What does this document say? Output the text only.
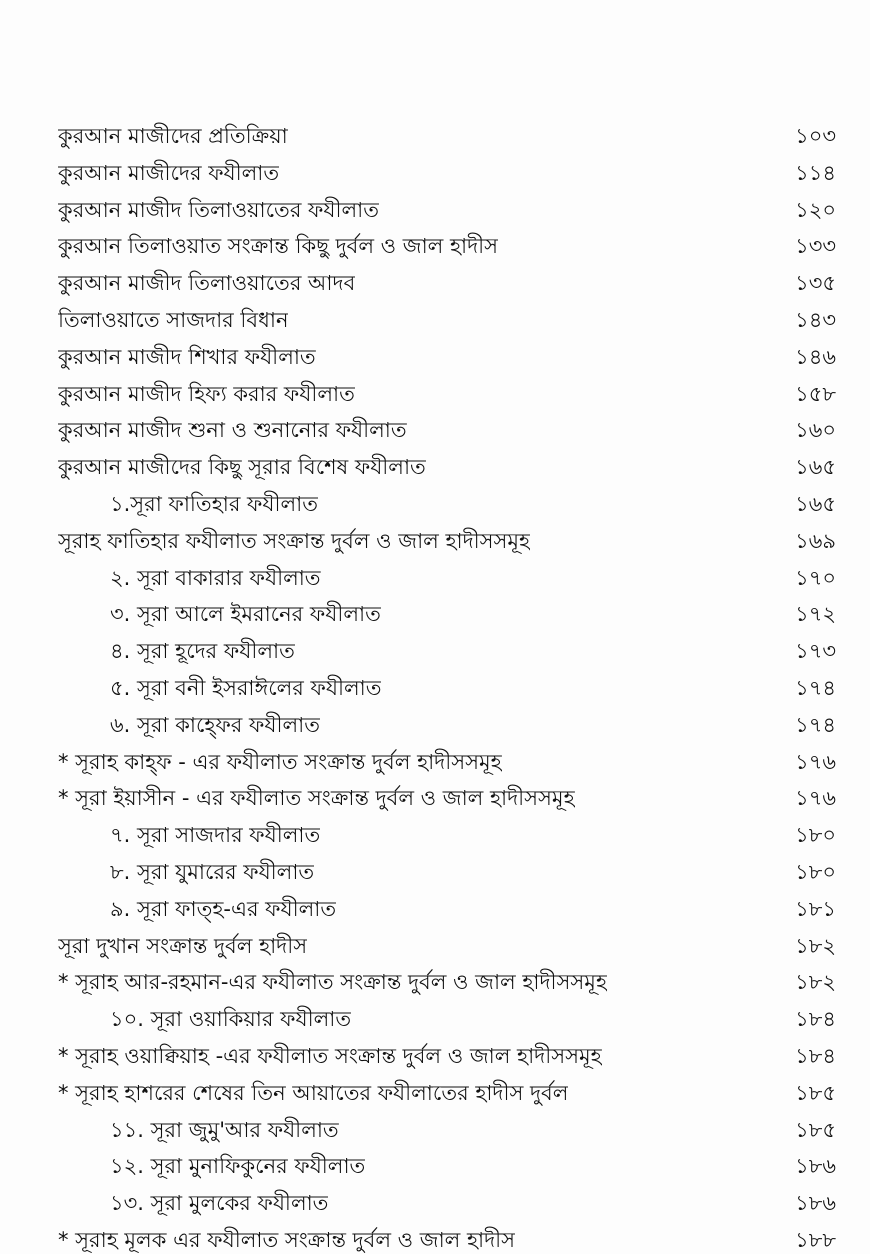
কুরআন মাজীদের প্রতিক্রিয়া	১০৩
কুরআন মাজীদের ফযীলাত	১১৪
কুরআন মাজীদ তিলাওয়াতের ফযীলাত	১২০
কুরআন তিলাওয়াত সংক্রান্ত কিছু দুর্বল ও জাল হাদীস	১৩৩
কুরআন মাজীদ তিলাওয়াতের আদব	১৩৫
তিলাওয়াতে সাজদার বিধান	১৪৩
কুরআন মাজীদ শিখার ফযীলাত	১৪৬
কুরআন মাজীদ হিফ্য করার ফযীলাত	১৫৮
কুরআন মাজীদ শুনা ও শুনানোর ফযীলাত	১৬০
কুরআন মাজীদের কিছু সূরার বিশেষ ফযীলাত	১৬৫
১.সূরা ফাতিহার ফযীলাত	১৬৫
সূরাহ ফাতিহার ফযীলাত সংক্রান্ত দুর্বল ও জাল হাদীসসমূহ	১৬৯
২. সূরা বাকারার ফযীলাত	১৭০
৩. সূরা আলে ইমরানের ফযীলাত	১৭২
৪. সূরা হূদের ফযীলাত	১৭৩
৫. সূরা বনী ইসরাঈলের ফযীলাত	১৭৪
৬. সূরা কাহ্ফের ফযীলাত	১৭৪
* সূরাহ কাহ্ফ - এর ফযীলাত সংক্রান্ত দুর্বল হাদীসসমূহ	১৭৬
* সূরা ইয়াসীন - এর ফযীলাত সংক্রান্ত দুর্বল ও জাল হাদীসসমূহ	১৭৬
৭. সূরা সাজদার ফযীলাত	১৮০
৮. সূরা যুমারের ফযীলাত	১৮০
৯. সূরা ফাত্হ-এর ফযীলাত	১৮১
সূরা দুখান সংক্রান্ত দুর্বল হাদীস	১৮২
* সূরাহ আর-রহমান-এর ফযীলাত সংক্রান্ত দুর্বল ও জাল হাদীসসমূহ	১৮২
১০. সূরা ওয়াকিয়ার ফযীলাত	১৮৪
* সূরাহ ওয়াক্বিয়াহ -এর ফযীলাত সংক্রান্ত দুর্বল ও জাল হাদীসসমূহ	১৮৪
* সূরাহ হাশরের শেষের তিন আয়াতের ফযীলাতের হাদীস দুর্বল	১৮৫
১১. সূরা জুমু'আর ফযীলাত	১৮৫
১২. সূরা মুনাফিকুনের ফযীলাত	১৮৬
১৩. সূরা মুলকের ফযীলাত	১৮৬
* সূরাহ মূলক এর ফযীলাত সংক্রান্ত দুর্বল ও জাল হাদীস	১৮৮
